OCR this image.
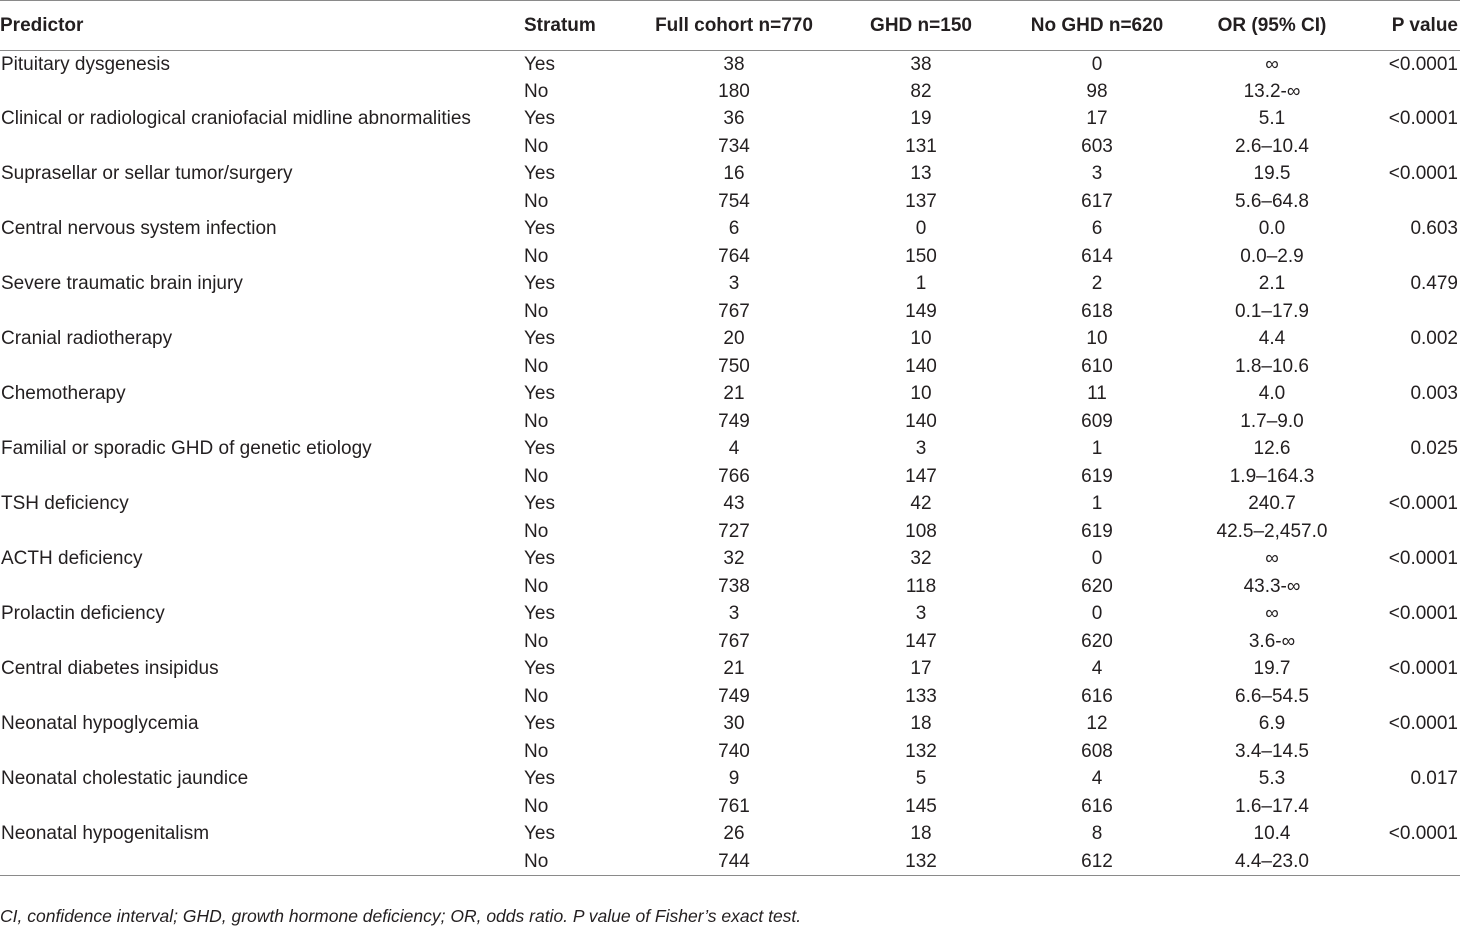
Predictor	Stratum	Full cohort n=770	GHD n=150	No GHD n=620	OR (95% CI)	P value
Pituitary dysgenesis	Yes	38	38	0	∞	<0.0001
	No	180	82	98	13.2-∞	
Clinical or radiological craniofacial midline abnormalities	Yes	36	19	17	5.1	<0.0001
	No	734	131	603	2.6–10.4	
Suprasellar or sellar tumor/surgery	Yes	16	13	3	19.5	<0.0001
	No	754	137	617	5.6–64.8	
Central nervous system infection	Yes	6	0	6	0.0	0.603
	No	764	150	614	0.0–2.9	
Severe traumatic brain injury	Yes	3	1	2	2.1	0.479
	No	767	149	618	0.1–17.9	
Cranial radiotherapy	Yes	20	10	10	4.4	0.002
	No	750	140	610	1.8–10.6	
Chemotherapy	Yes	21	10	11	4.0	0.003
	No	749	140	609	1.7–9.0	
Familial or sporadic GHD of genetic etiology	Yes	4	3	1	12.6	0.025
	No	766	147	619	1.9–164.3	
TSH deficiency	Yes	43	42	1	240.7	<0.0001
	No	727	108	619	42.5–2,457.0	
ACTH deficiency	Yes	32	32	0	∞	<0.0001
	No	738	118	620	43.3-∞	
Prolactin deficiency	Yes	3	3	0	∞	<0.0001
	No	767	147	620	3.6-∞	
Central diabetes insipidus	Yes	21	17	4	19.7	<0.0001
	No	749	133	616	6.6–54.5	
Neonatal hypoglycemia	Yes	30	18	12	6.9	<0.0001
	No	740	132	608	3.4–14.5	
Neonatal cholestatic jaundice	Yes	9	5	4	5.3	0.017
	No	761	145	616	1.6–17.4	
Neonatal hypogenitalism	Yes	26	18	8	10.4	<0.0001
	No	744	132	612	4.4–23.0	
CI, confidence interval; GHD, growth hormone deficiency; OR, odds ratio. P value of Fisher’s exact test.
